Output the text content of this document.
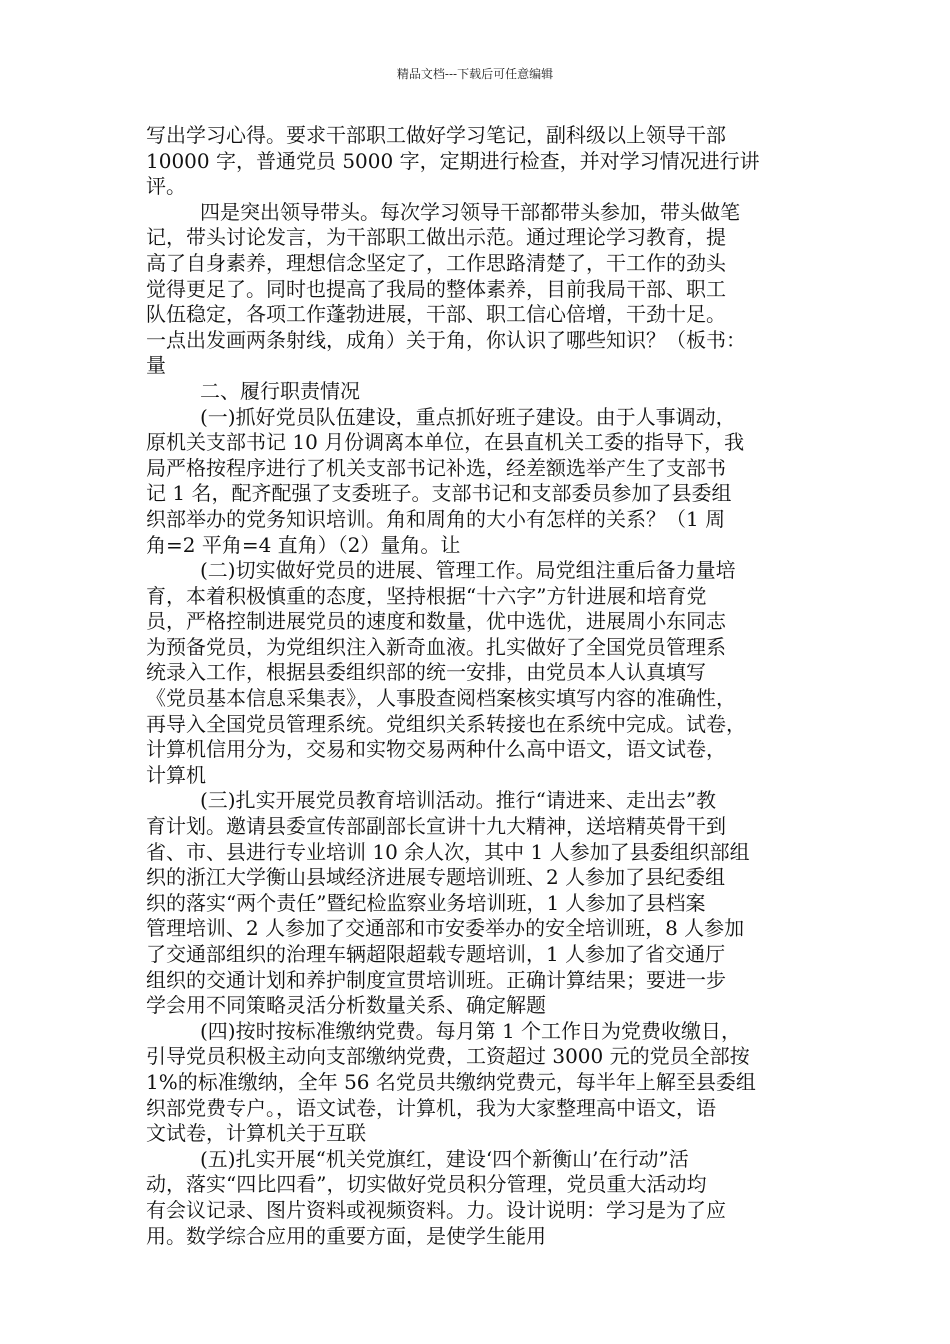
精品文档---下载后可任意编辑
写出学习心得。要求干部职工做好学习笔记，副科级以上领导干部
10000 字，普通党员 5000 字，定期进行检查，并对学习情况进行讲
评。
四是突出领导带头。每次学习领导干部都带头参加，带头做笔
记，带头讨论发言，为干部职工做出示范。通过理论学习教育，提
高了自身素养，理想信念坚定了，工作思路清楚了，干工作的劲头
觉得更足了。同时也提高了我局的整体素养，目前我局干部、职工
队伍稳定，各项工作蓬勃进展，干部、职工信心倍增，干劲十足。
一点出发画两条射线，成角）关于角，你认识了哪些知识？（板书：
量
二、履行职责情况
(一)抓好党员队伍建设，重点抓好班子建设。由于人事调动，
原机关支部书记 10 月份调离本单位，在县直机关工委的指导下，我
局严格按程序进行了机关支部书记补选，经差额选举产生了支部书
记 1 名，配齐配强了支委班子。支部书记和支部委员参加了县委组
织部举办的党务知识培训。角和周角的大小有怎样的关系？（1 周
角=2 平角=4 直角）（2）量角。让
(二)切实做好党员的进展、管理工作。局党组注重后备力量培
育，本着积极慎重的态度，坚持根据“十六字”方针进展和培育党
员，严格控制进展党员的速度和数量，优中选优，进展周小东同志
为预备党员，为党组织注入新奇血液。扎实做好了全国党员管理系
统录入工作，根据县委组织部的统一安排，由党员本人认真填写
《党员基本信息采集表》，人事股查阅档案核实填写内容的准确性，
再导入全国党员管理系统。党组织关系转接也在系统中完成。试卷，
计算机信用分为，交易和实物交易两种什么高中语文，语文试卷，
计算机
(三)扎实开展党员教育培训活动。推行“请进来、走出去”教
育计划。邀请县委宣传部副部长宣讲十九大精神，送培精英骨干到
省、市、县进行专业培训 10 余人次，其中 1 人参加了县委组织部组
织的浙江大学衡山县域经济进展专题培训班、2 人参加了县纪委组
织的落实“两个责任”暨纪检监察业务培训班，1 人参加了县档案
管理培训、2 人参加了交通部和市安委举办的安全培训班，8 人参加
了交通部组织的治理车辆超限超载专题培训，1 人参加了省交通厅
组织的交通计划和养护制度宣贯培训班。正确计算结果；要进一步
学会用不同策略灵活分析数量关系、确定解题
(四)按时按标准缴纳党费。每月第 1 个工作日为党费收缴日，
引导党员积极主动向支部缴纳党费，工资超过 3000 元的党员全部按
1%的标准缴纳，全年 56 名党员共缴纳党费元，每半年上解至县委组
织部党费专户。，语文试卷，计算机，我为大家整理高中语文，语
文试卷，计算机关于互联
(五)扎实开展“机关党旗红，建设‘四个新衡山’在行动”活
动，落实“四比四看”，切实做好党员积分管理，党员重大活动均
有会议记录、图片资料或视频资料。力。设计说明：学习是为了应
用。数学综合应用的重要方面，是使学生能用
